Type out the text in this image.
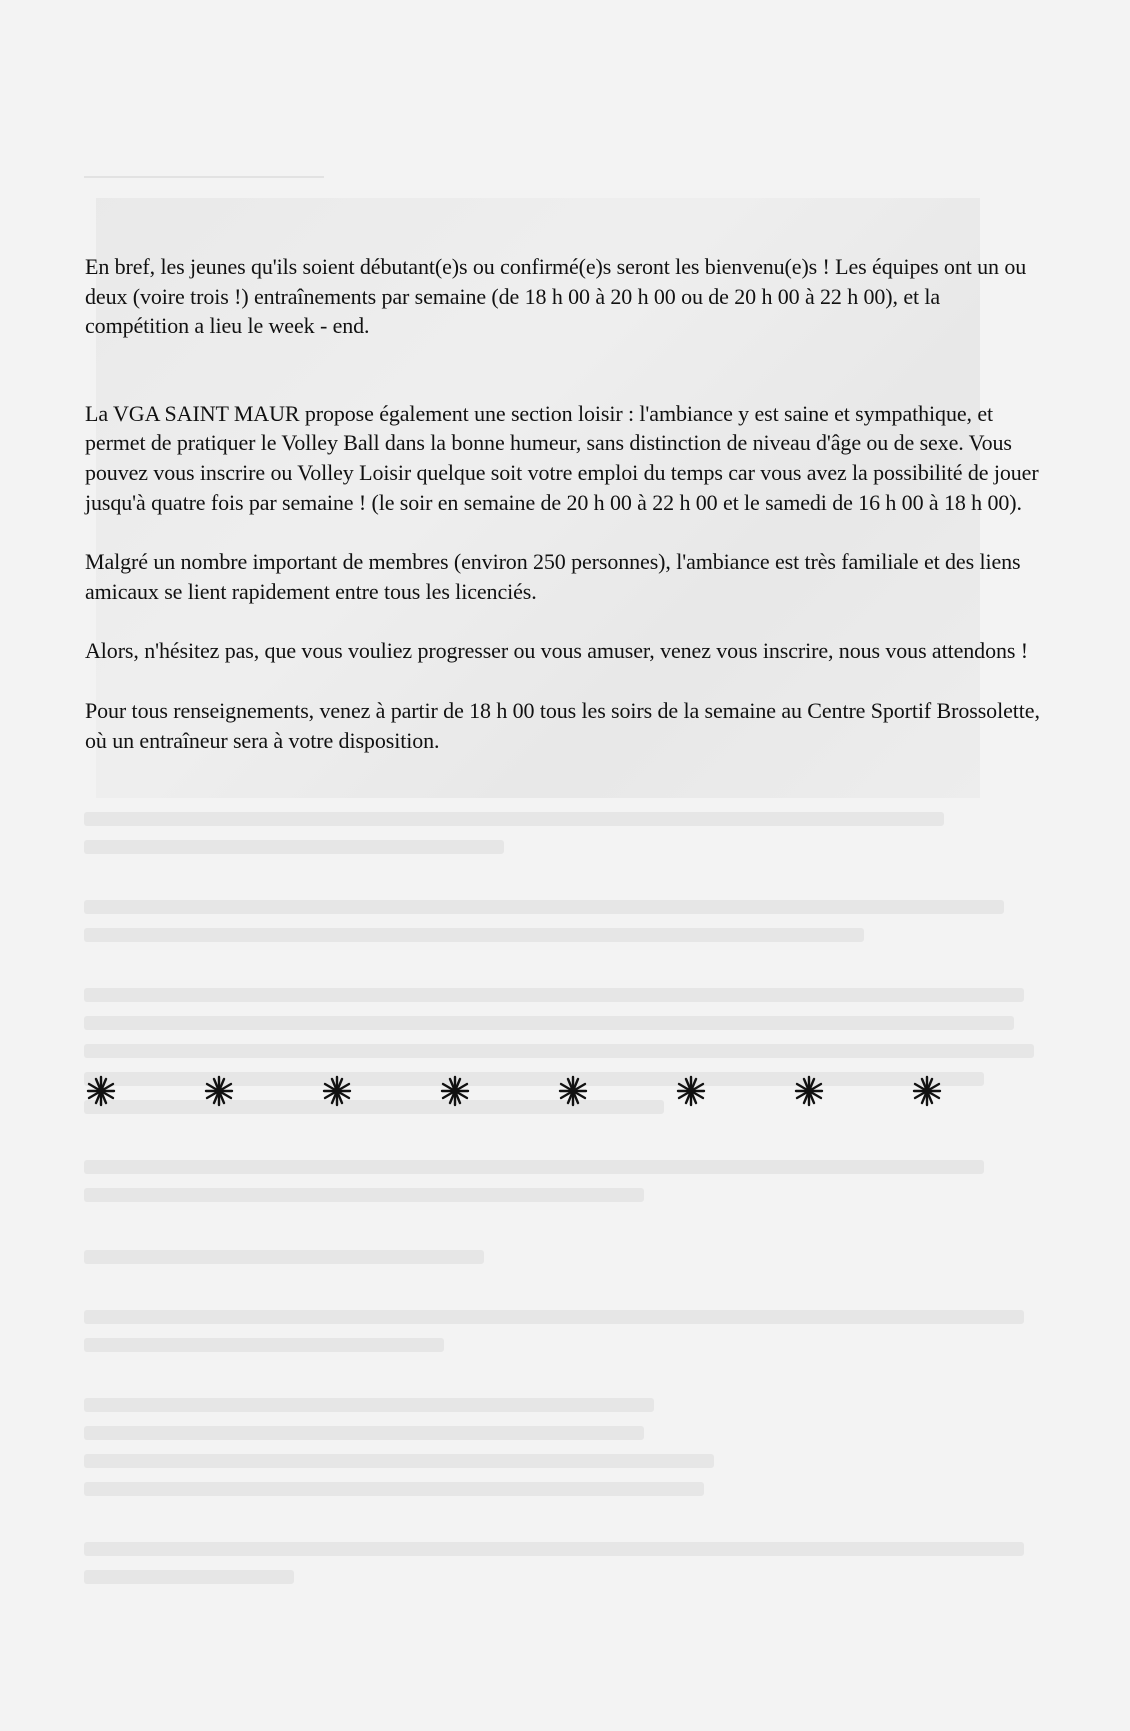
En bref, les jeunes qu'ils soient débutant(e)s ou confirmé(e)s seront les bienvenu(e)s ! Les équipes ont un ou deux (voire trois !) entraînements par semaine (de 18 h 00 à 20 h 00 ou de 20 h 00 à 22 h 00), et la compétition a lieu le week - end.

La VGA SAINT MAUR propose également une section loisir : l'ambiance y est saine et sympathique, et permet de pratiquer le Volley Ball dans la bonne humeur, sans distinction de niveau d'âge ou de sexe. Vous pouvez vous inscrire ou Volley Loisir quelque soit votre emploi du temps car vous avez la possibilité de jouer jusqu'à quatre fois par semaine ! (le soir en semaine de 20 h 00 à 22 h 00 et le samedi de 16 h 00 à 18 h 00).

Malgré un nombre important de membres (environ 250 personnes), l'ambiance est très familiale et des liens amicaux se lient rapidement entre tous les licenciés.

Alors, n'hésitez pas, que vous vouliez progresser ou vous amuser, venez vous inscrire, nous vous attendons !

Pour tous renseignements, venez à partir de 18 h 00 tous les soirs de la semaine au Centre Sportif Brossolette, où un entraîneur sera à votre disposition.
